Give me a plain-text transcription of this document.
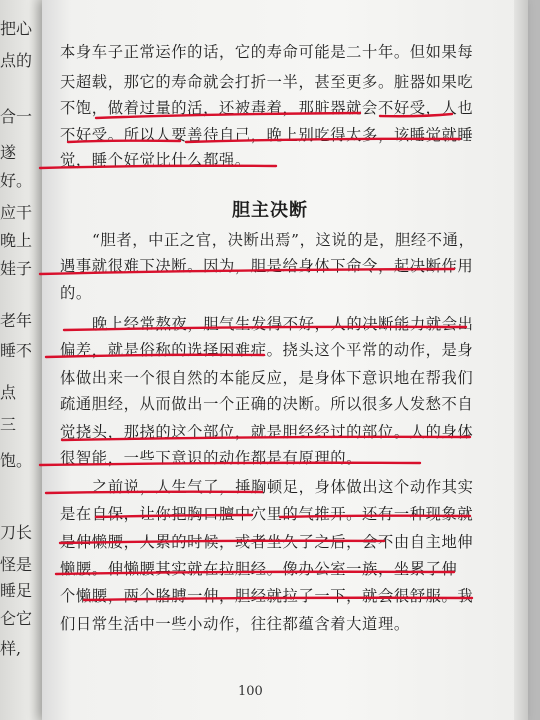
把心
点的
合一
遂
好。
应干
晚上
娃子
老年
睡不
点
三
饱。
刀长
怪是
睡足
仑它
样,
本身车子正常运作的话，它的寿命可能是二十年。但如果每
天超载，那它的寿命就会打折一半，甚至更多。脏器如果吃
不饱，做着过量的活，还被毒着，那脏器就会不好受，人也
不好受。所以人要善待自己，晚上别吃得太多，该睡觉就睡
觉，睡个好觉比什么都强。
胆主决断
“胆者，中正之官，决断出焉”，这说的是，胆经不通，
遇事就很难下决断。因为，胆是给身体下命令，起决断作用
的。
晚上经常熬夜，胆气生发得不好，人的决断能力就会出
偏差，就是俗称的选择困难症。挠头这个平常的动作，是身
体做出来一个很自然的本能反应，是身体下意识地在帮我们
疏通胆经，从而做出一个正确的决断。所以很多人发愁不自
觉挠头，那挠的这个部位，就是胆经经过的部位。人的身体
很智能，一些下意识的动作都是有原理的。
之前说，人生气了，捶胸顿足，身体做出这个动作其实
是在自保，让你把胸口膻中穴里的气推开。还有一种现象就
是伸懒腰，人累的时候，或者坐久了之后，会不由自主地伸
懒腰。伸懒腰其实就在拉胆经。像办公室一族，坐累了伸
个懒腰，两个胳膊一伸，胆经就拉了一下，就会很舒服。我
们日常生活中一些小动作，往往都蕴含着大道理。
100
